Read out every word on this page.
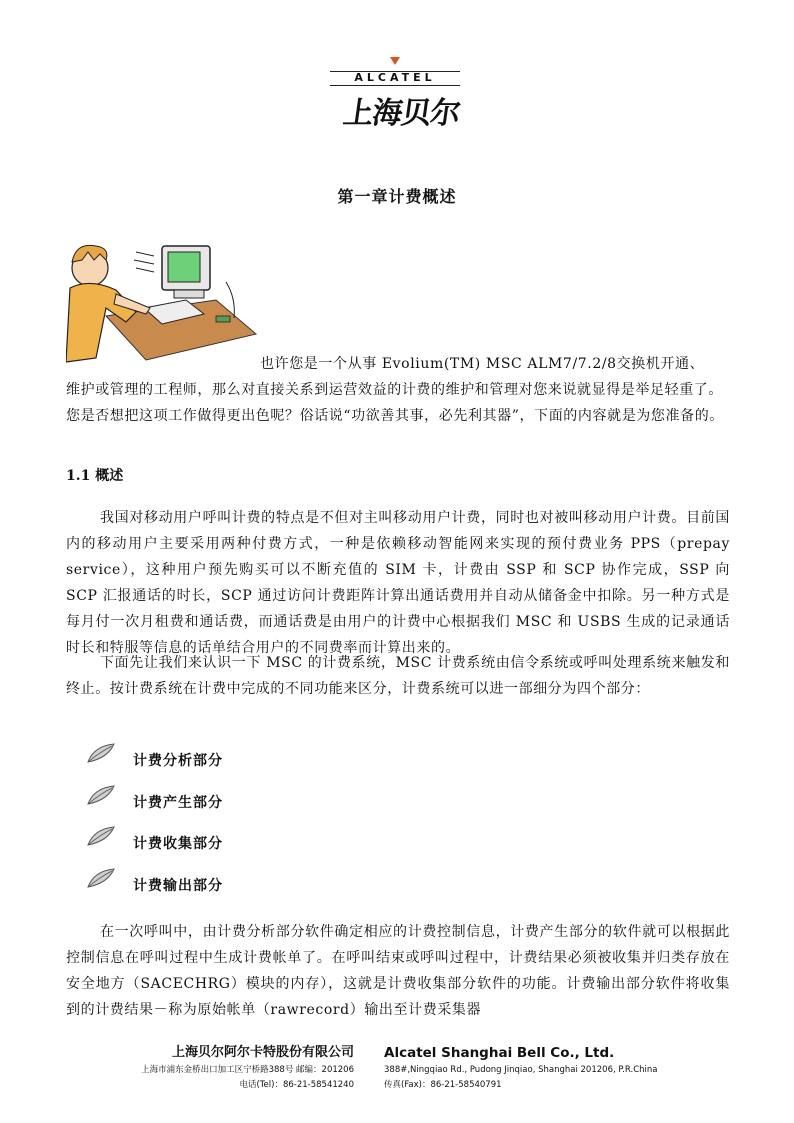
ALCATEL
上海贝尔
第一章计费概述
也许您是一个从事 Evolium(TM) MSC ALM7/7.2/8交换机开通、
维护或管理的工程师，那么对直接关系到运营效益的计费的维护和管理对您来说就显得是举足轻重了。您是否想把这项工作做得更出色呢？俗话说“功欲善其事，必先利其器”，下面的内容就是为您准备的。
1.1 概述
我国对移动用户呼叫计费的特点是不但对主叫移动用户计费，同时也对被叫移动用户计费。目前国内的移动用户主要采用两种付费方式，一种是依赖移动智能网来实现的预付费业务 PPS（prepay service），这种用户预先购买可以不断充值的 SIM 卡，计费由 SSP 和 SCP 协作完成，SSP 向 SCP 汇报通话的时长，SCP 通过访问计费距阵计算出通话费用并自动从储备金中扣除。另一种方式是每月付一次月租费和通话费，而通话费是由用户的计费中心根据我们 MSC 和 USBS 生成的记录通话时长和特服等信息的话单结合用户的不同费率而计算出来的。
下面先让我们来认识一下 MSC 的计费系统，MSC 计费系统由信令系统或呼叫处理系统来触发和终止。按计费系统在计费中完成的不同功能来区分，计费系统可以进一部细分为四个部分：
计费分析部分
计费产生部分
计费收集部分
计费输出部分
在一次呼叫中，由计费分析部分软件确定相应的计费控制信息，计费产生部分的软件就可以根据此控制信息在呼叫过程中生成计费帐单了。在呼叫结束或呼叫过程中，计费结果必须被收集并归类存放在安全地方（SACECHRG）模块的内存），这就是计费收集部分软件的功能。计费输出部分软件将收集到的计费结果－称为原始帐单（rawrecord）输出至计费采集器
上海贝尔阿尔卡特股份有限公司
上海市浦东金桥出口加工区宁桥路388号 邮编：201206
电话(Tel)：86-21-58541240
Alcatel Shanghai Bell Co., Ltd.
388#,Ningqiao Rd., Pudong Jinqiao, Shanghai 201206, P.R.China
传真(Fax)：86-21-58540791
